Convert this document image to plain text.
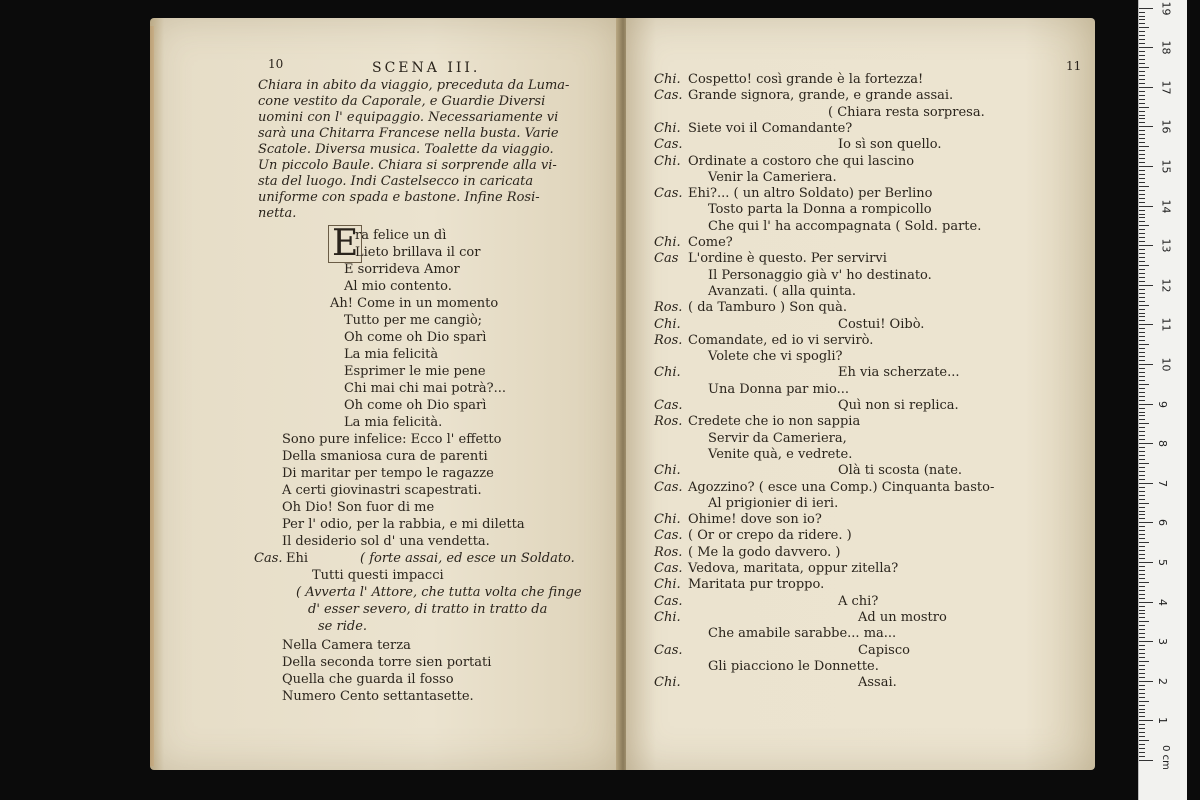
10	SCENA III.
Chiara in abito da viaggio, preceduta da Luma-
cone vestito da Caporale, e Guardie Diversi
uomini con l' equipaggio. Necessariamente vi
sarà una Chitarra Francese nella busta. Varie
Scatole. Diversa musica. Toalette da viaggio.
Un piccolo Baule. Chiara si sorprende alla vi-
sta del luogo. Indi Castelsecco in caricata
uniforme con spada e bastone. Infine Rosi-
netta.
E
ra felice un dì
Lieto brillava il cor
E sorrideva Amor
Al mio contento.
Ah! Come in un momento
Tutto per me cangiò;
Oh come oh Dio sparì
La mia felicità
Esprimer le mie pene
Chi mai chi mai potrà?...
Oh come oh Dio sparì
La mia felicità.
Sono pure infelice: Ecco l' effetto
Della smaniosa cura de parenti
Di maritar per tempo le ragazze
A certi giovinastri scapestrati.
Oh Dio! Son fuor di me
Per l' odio, per la rabbia, e mi diletta
Il desiderio sol d' una vendetta.
Cas. Ehi	( forte assai, ed esce un Soldato.
Tutti questi impacci
( Avverta l' Attore, che tutta volta che finge
d' esser severo, di tratto in tratto da
se ride.
Nella Camera terza
Della seconda torre sien portati
Quella che guarda il fosso
Numero Cento settantasette.
11
Chi. Cospetto! così grande è la fortezza!
Cas. Grande signora, grande, e grande assai.
( Chiara resta sorpresa.
Chi. Siete voi il Comandante?
Cas.	Io sì son quello.
Chi. Ordinate a costoro che qui lascino
Venir la Cameriera.
Cas. Ehi?... ( un altro Soldato) per Berlino
Tosto parta la Donna a rompicollo
Che qui l' ha accompagnata ( Sold. parte.
Chi. Come?
Cas L'ordine è questo. Per servirvi
Il Personaggio già v' ho destinato.
Avanzati. ( alla quinta.
Ros. ( da Tamburo ) Son quà.
Chi.	Costui! Oibò.
Ros. Comandate, ed io vi servirò.
Volete che vi spogli?
Chi.	Eh via scherzate...
Una Donna par mio...
Cas.	Quì non si replica.
Ros. Credete che io non sappia
Servir da Cameriera,
Venite quà, e vedrete.
Chi.	Olà ti scosta (nate.
Cas. Agozzino? ( esce una Comp.) Cinquanta basto-
Al prigionier di ieri.
Chi. Ohime! dove son io?
Cas. ( Or or crepo da ridere. )
Ros. ( Me la godo davvero. )
Cas. Vedova, maritata, oppur zitella?
Chi. Maritata pur troppo.
Cas.	A chi?
Chi.	Ad un mostro
Che amabile sarabbe... ma...
Cas.	Capisco
Gli piacciono le Donnette.
Chi.	Assai.
19
18
17
16
15
14
13
12
11
10
9
8
7
6
5
4
3
2
1
0 cm
